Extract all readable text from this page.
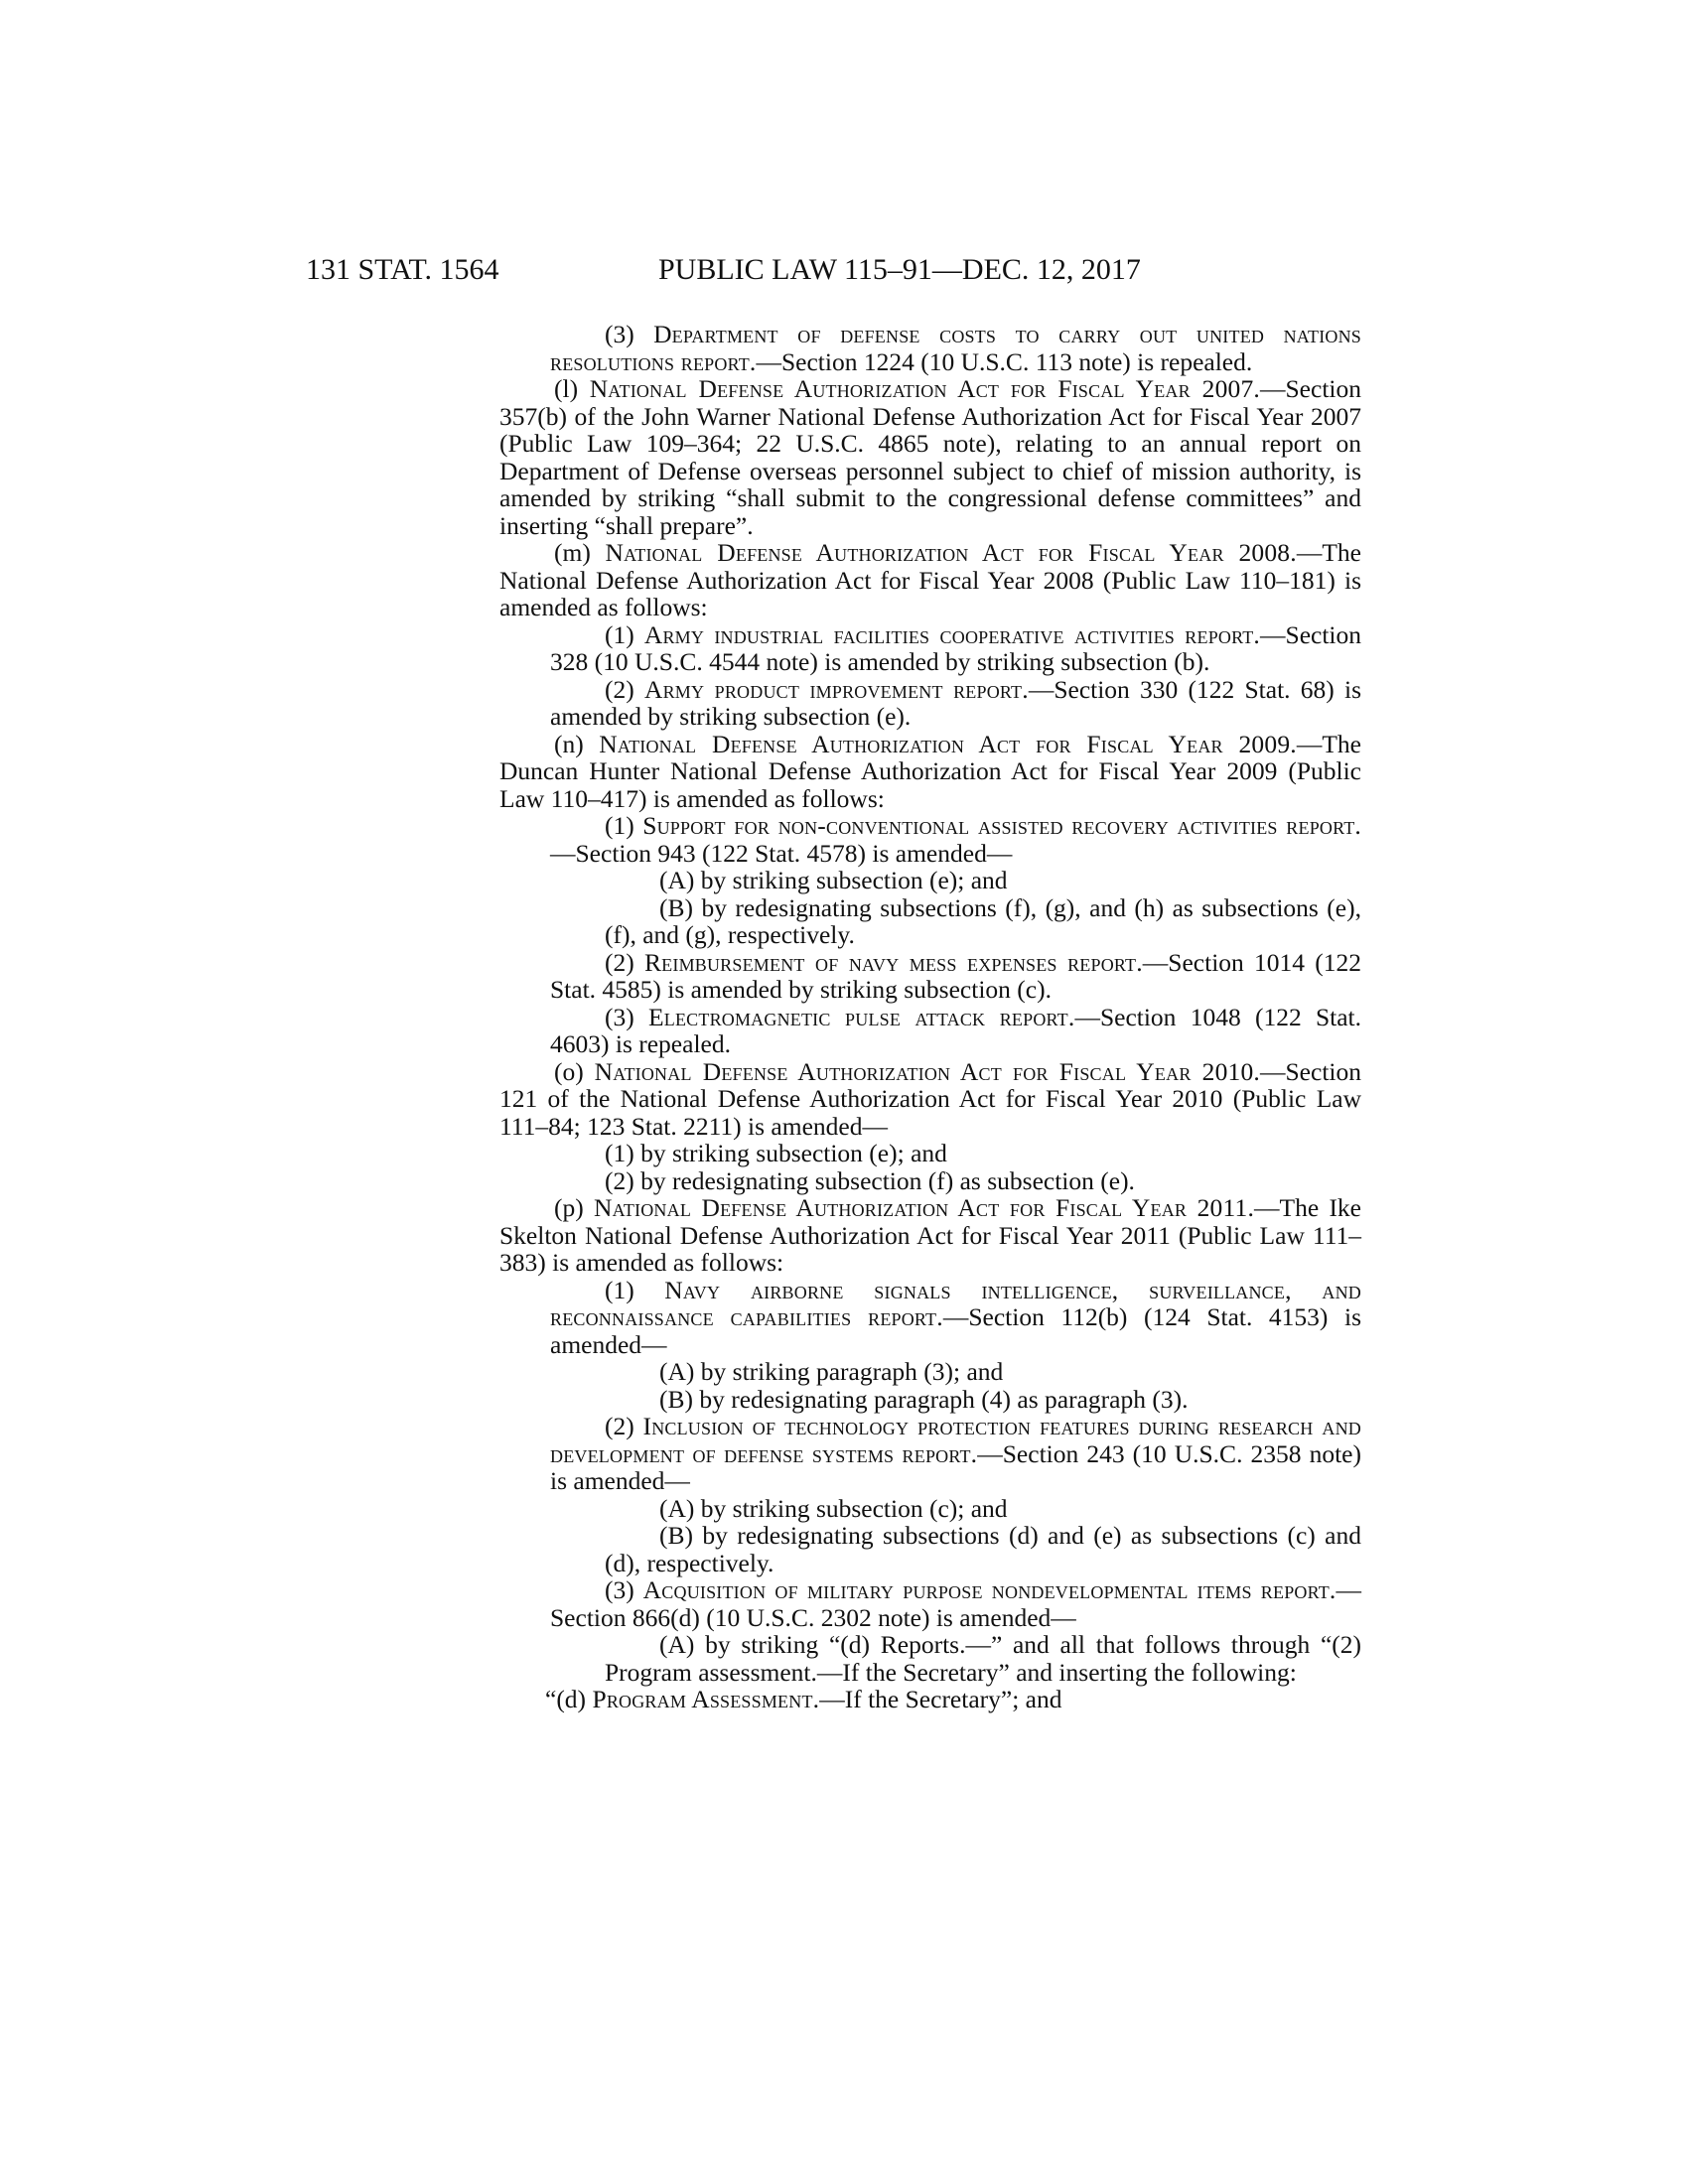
131 STAT. 1564	PUBLIC LAW 115–91—DEC. 12, 2017

(3) Department of defense costs to carry out united nations resolutions report.—Section 1224 (10 U.S.C. 113 note) is repealed.

(l) National Defense Authorization Act for Fiscal Year 2007.—Section 357(b) of the John Warner National Defense Authorization Act for Fiscal Year 2007 (Public Law 109–364; 22 U.S.C. 4865 note), relating to an annual report on Department of Defense overseas personnel subject to chief of mission authority, is amended by striking “shall submit to the congressional defense committees” and inserting “shall prepare”.

(m) National Defense Authorization Act for Fiscal Year 2008.—The National Defense Authorization Act for Fiscal Year 2008 (Public Law 110–181) is amended as follows:

(1) Army industrial facilities cooperative activities report.—Section 328 (10 U.S.C. 4544 note) is amended by striking subsection (b).

(2) Army product improvement report.—Section 330 (122 Stat. 68) is amended by striking subsection (e).

(n) National Defense Authorization Act for Fiscal Year 2009.—The Duncan Hunter National Defense Authorization Act for Fiscal Year 2009 (Public Law 110–417) is amended as follows:

(1) Support for non-conventional assisted recovery activities report.—Section 943 (122 Stat. 4578) is amended—

(A) by striking subsection (e); and

(B) by redesignating subsections (f), (g), and (h) as subsections (e), (f), and (g), respectively.

(2) Reimbursement of navy mess expenses report.—Section 1014 (122 Stat. 4585) is amended by striking subsection (c).

(3) Electromagnetic pulse attack report.—Section 1048 (122 Stat. 4603) is repealed.

(o) National Defense Authorization Act for Fiscal Year 2010.—Section 121 of the National Defense Authorization Act for Fiscal Year 2010 (Public Law 111–84; 123 Stat. 2211) is amended—

(1) by striking subsection (e); and

(2) by redesignating subsection (f) as subsection (e).

(p) National Defense Authorization Act for Fiscal Year 2011.—The Ike Skelton National Defense Authorization Act for Fiscal Year 2011 (Public Law 111–383) is amended as follows:

(1) Navy airborne signals intelligence, surveillance, and reconnaissance capabilities report.—Section 112(b) (124 Stat. 4153) is amended—

(A) by striking paragraph (3); and

(B) by redesignating paragraph (4) as paragraph (3).

(2) Inclusion of technology protection features during research and development of defense systems report.—Section 243 (10 U.S.C. 2358 note) is amended—

(A) by striking subsection (c); and

(B) by redesignating subsections (d) and (e) as subsections (c) and (d), respectively.

(3) Acquisition of military purpose nondevelopmental items report.—Section 866(d) (10 U.S.C. 2302 note) is amended—

(A) by striking “(d) Reports.—” and all that follows through “(2) Program assessment.—If the Secretary” and inserting the following:

“(d) Program Assessment.—If the Secretary”; and
